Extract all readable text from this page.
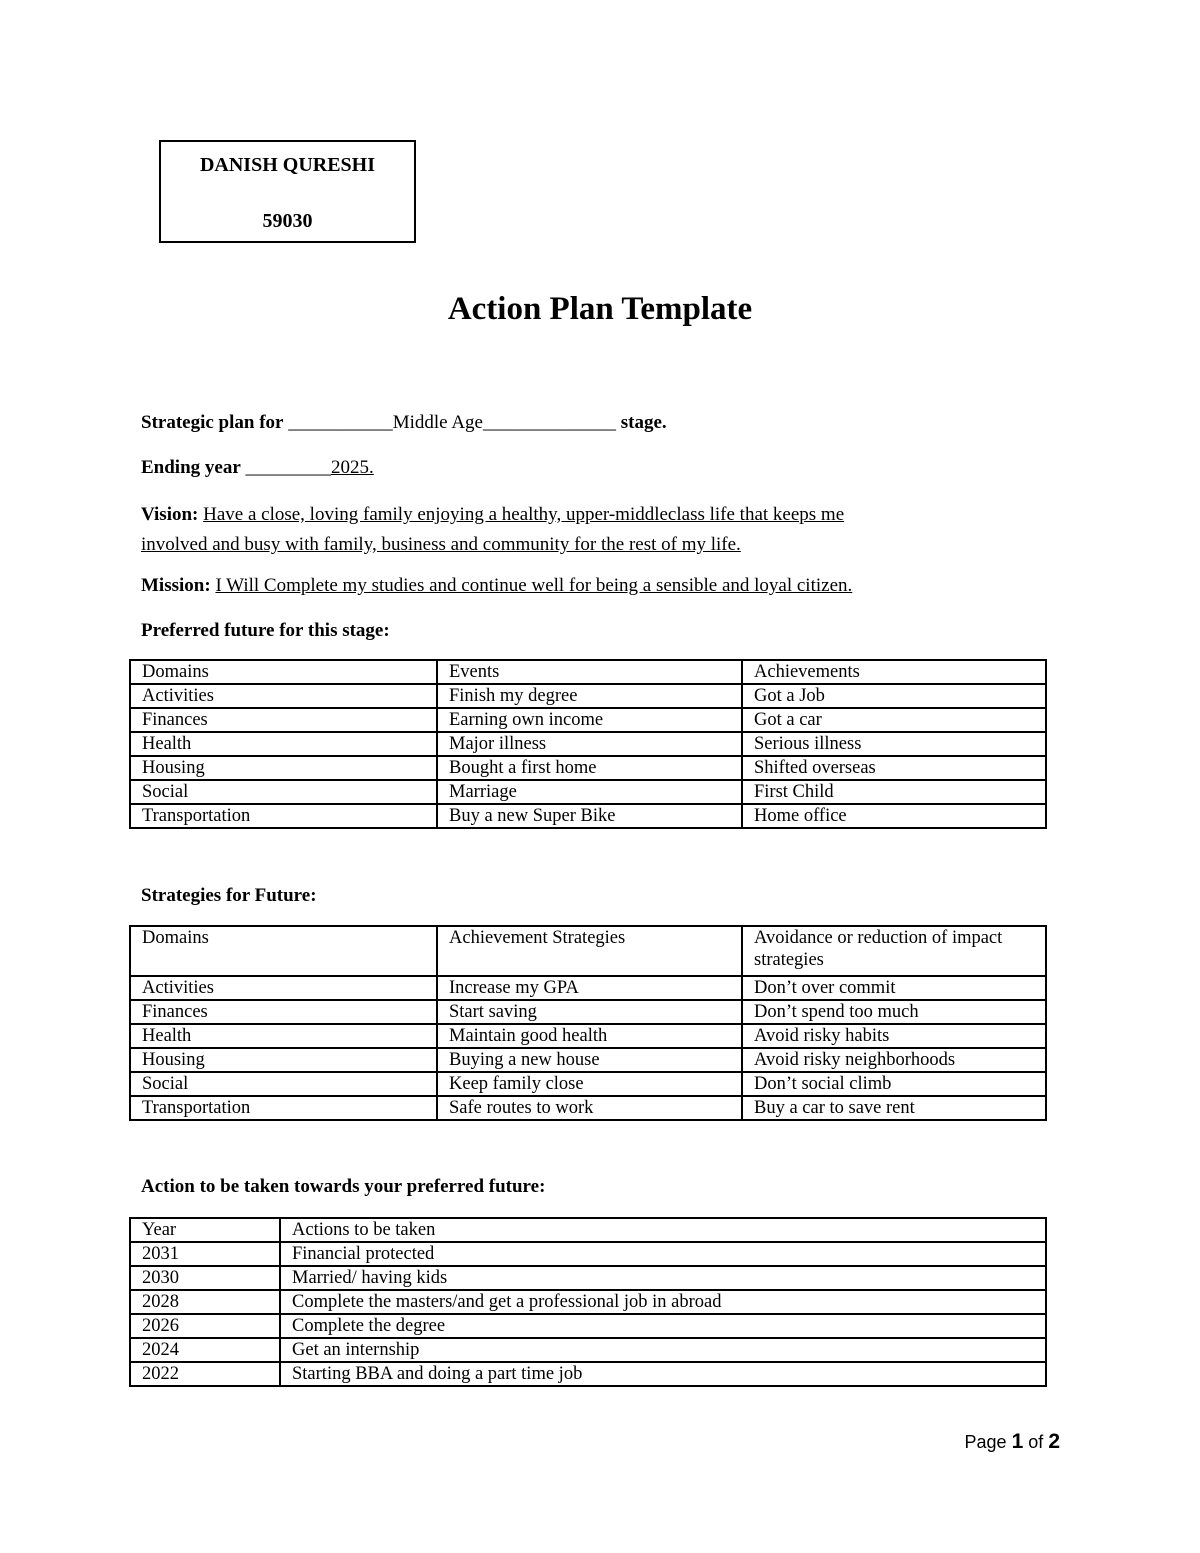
DANISH QURESHI
59030
Action Plan Template
Strategic plan for ___________Middle Age______________ stage.
Ending year _________2025.
Vision: Have a close, loving family enjoying a healthy, upper-middleclass life that keeps me
involved and busy with family, business and community for the rest of my life.
Mission: I Will Complete my studies and continue well for being a sensible and loyal citizen.
Preferred future for this stage:
Domains	Events	Achievements
Activities	Finish my degree	Got a Job
Finances	Earning own income	Got a car
Health	Major illness	Serious illness
Housing	Bought a first home	Shifted overseas
Social	Marriage	First Child
Transportation	Buy a new Super Bike	Home office
Strategies for Future:
Domains	Achievement Strategies	Avoidance or reduction of impact strategies
Activities	Increase my GPA	Don’t over commit
Finances	Start saving	Don’t spend too much
Health	Maintain good health	Avoid risky habits
Housing	Buying a new house	Avoid risky neighborhoods
Social	Keep family close	Don’t social climb
Transportation	Safe routes to work	Buy a car to save rent
Action to be taken towards your preferred future:
Year	Actions to be taken
2031	Financial protected
2030	Married/ having kids
2028	Complete the masters/and get a professional job in abroad
2026	Complete the degree
2024	Get an internship
2022	Starting BBA and doing a part time job
Page 1 of 2
